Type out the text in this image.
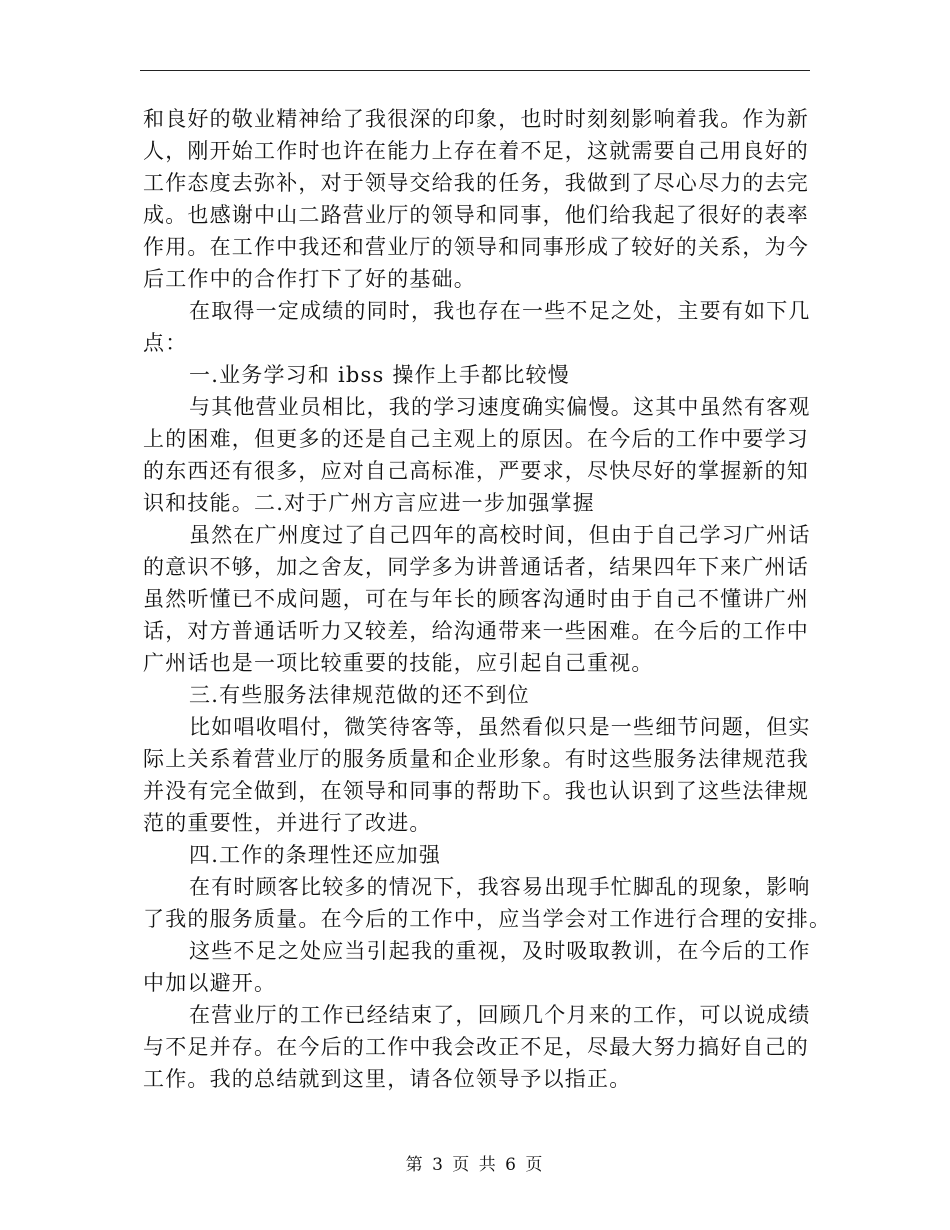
和良好的敬业精神给了我很深的印象，也时时刻刻影响着我。作为新
人，刚开始工作时也许在能力上存在着不足，这就需要自己用良好的
工作态度去弥补，对于领导交给我的任务，我做到了尽心尽力的去完
成。也感谢中山二路营业厅的领导和同事，他们给我起了很好的表率
作用。在工作中我还和营业厅的领导和同事形成了较好的关系，为今
后工作中的合作打下了好的基础。
在取得一定成绩的同时，我也存在一些不足之处，主要有如下几
点：
一.业务学习和 ibss 操作上手都比较慢
与其他营业员相比，我的学习速度确实偏慢。这其中虽然有客观
上的困难，但更多的还是自己主观上的原因。在今后的工作中要学习
的东西还有很多，应对自己高标准，严要求，尽快尽好的掌握新的知
识和技能。二.对于广州方言应进一步加强掌握
虽然在广州度过了自己四年的高校时间，但由于自己学习广州话
的意识不够，加之舍友，同学多为讲普通话者，结果四年下来广州话
虽然听懂已不成问题，可在与年长的顾客沟通时由于自己不懂讲广州
话，对方普通话听力又较差，给沟通带来一些困难。在今后的工作中
广州话也是一项比较重要的技能，应引起自己重视。
三.有些服务法律规范做的还不到位
比如唱收唱付，微笑待客等，虽然看似只是一些细节问题，但实
际上关系着营业厅的服务质量和企业形象。有时这些服务法律规范我
并没有完全做到，在领导和同事的帮助下。我也认识到了这些法律规
范的重要性，并进行了改进。
四.工作的条理性还应加强
在有时顾客比较多的情况下，我容易出现手忙脚乱的现象，影响
了我的服务质量。在今后的工作中，应当学会对工作进行合理的安排。
这些不足之处应当引起我的重视，及时吸取教训，在今后的工作
中加以避开。
在营业厅的工作已经结束了，回顾几个月来的工作，可以说成绩
与不足并存。在今后的工作中我会改正不足，尽最大努力搞好自己的
工作。我的总结就到这里，请各位领导予以指正。
第 3 页 共 6 页
